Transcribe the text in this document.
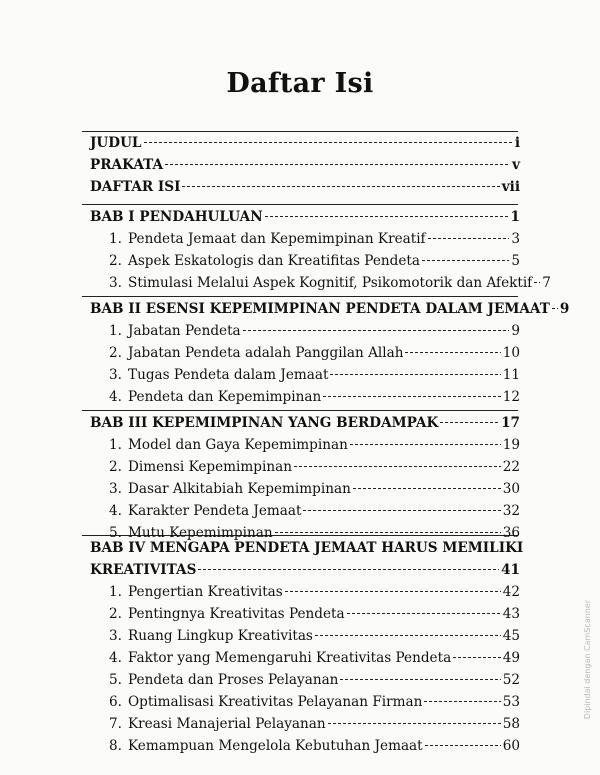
Daftar Isi
JUDUL	i
PRAKATA	v
DAFTAR ISI	vii
BAB I PENDAHULUAN	1
1. Pendeta Jemaat dan Kepemimpinan Kreatif	3
2. Aspek Eskatologis dan Kreatifitas Pendeta	5
3. Stimulasi Melalui Aspek Kognitif, Psikomotorik dan Afektif 7
BAB II ESENSI KEPEMIMPINAN PENDETA DALAM JEMAAT 9
1. Jabatan Pendeta	9
2. Jabatan Pendeta adalah Panggilan Allah	10
3. Tugas Pendeta dalam Jemaat	11
4. Pendeta dan Kepemimpinan	12
BAB III KEPEMIMPINAN YANG BERDAMPAK	17
1. Model dan Gaya Kepemimpinan	19
2. Dimensi Kepemimpinan	22
3. Dasar Alkitabiah Kepemimpinan	30
4. Karakter Pendeta Jemaat	32
5. Mutu Kepemimpinan	36
BAB IV MENGAPA PENDETA JEMAAT HARUS MEMILIKI
KREATIVITAS	41
1. Pengertian Kreativitas	42
2. Pentingnya Kreativitas Pendeta	43
3. Ruang Lingkup Kreativitas	45
4. Faktor yang Memengaruhi Kreativitas Pendeta	49
5. Pendeta dan Proses Pelayanan	52
6. Optimalisasi Kreativitas Pelayanan Firman	53
7. Kreasi Manajerial Pelayanan	58
8. Kemampuan Mengelola Kebutuhan Jemaat	60
Dipindai dengan CamScanner
